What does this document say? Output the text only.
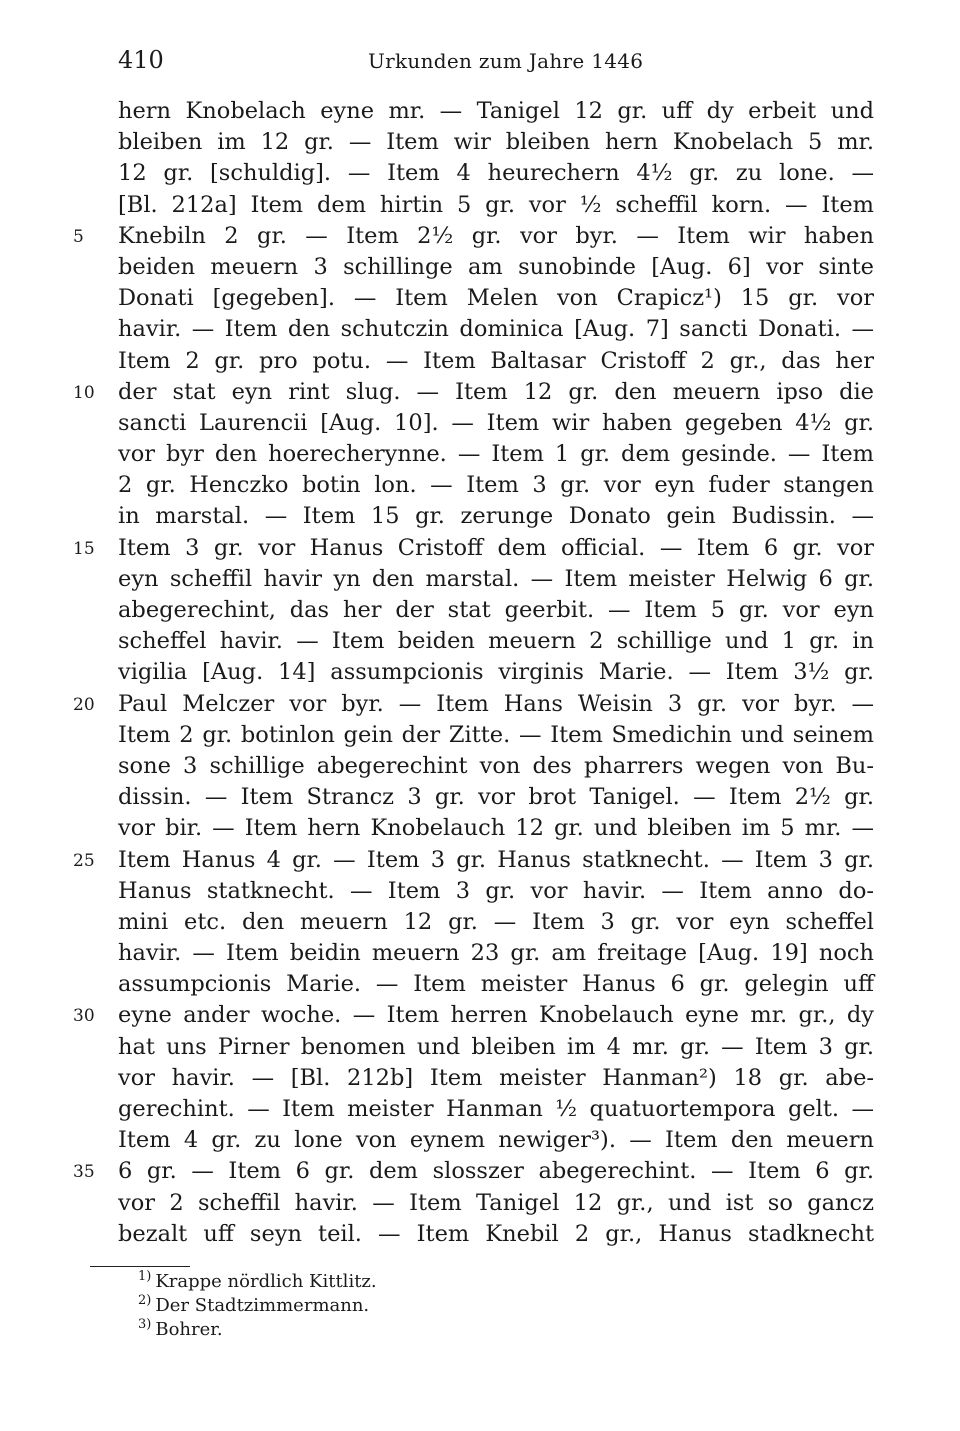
410	Urkunden zum Jahre 1446
hern Knobelach eyne mr. — Tanigel 12 gr. uff dy erbeit und
bleiben im 12 gr. — Item wir bleiben hern Knobelach 5 mr.
12 gr. [schuldig]. — Item 4 heurechern 4½ gr. zu lone. —
[Bl. 212a] Item dem hirtin 5 gr. vor ½ scheffil korn. — Item
5	Knebiln 2 gr. — Item 2½ gr. vor byr. — Item wir haben
beiden meuern 3 schillinge am sunobinde [Aug. 6] vor sinte
Donati [gegeben]. — Item Melen von Crapicz¹) 15 gr. vor
havir. — Item den schutczin dominica [Aug. 7] sancti Donati. —
Item 2 gr. pro potu. — Item Baltasar Cristoff 2 gr., das her
10	der stat eyn rint slug. — Item 12 gr. den meuern ipso die
sancti Laurencii [Aug. 10]. — Item wir haben gegeben 4½ gr.
vor byr den hoerecherynne. — Item 1 gr. dem gesinde. — Item
2 gr. Henczko botin lon. — Item 3 gr. vor eyn fuder stangen
in marstal. — Item 15 gr. zerunge Donato gein Budissin. —
15	Item 3 gr. vor Hanus Cristoff dem official. — Item 6 gr. vor
eyn scheffil havir yn den marstal. — Item meister Helwig 6 gr.
abegerechint, das her der stat geerbit. — Item 5 gr. vor eyn
scheffel havir. — Item beiden meuern 2 schillige und 1 gr. in
vigilia [Aug. 14] assumpcionis virginis Marie. — Item 3½ gr.
20	Paul Melczer vor byr. — Item Hans Weisin 3 gr. vor byr. —
Item 2 gr. botinlon gein der Zitte. — Item Smedichin und seinem
sone 3 schillige abegerechint von des pharrers wegen von Bu-
dissin. — Item Strancz 3 gr. vor brot Tanigel. — Item 2½ gr.
vor bir. — Item hern Knobelauch 12 gr. und bleiben im 5 mr. —
25	Item Hanus 4 gr. — Item 3 gr. Hanus statknecht. — Item 3 gr.
Hanus statknecht. — Item 3 gr. vor havir. — Item anno do-
mini etc. den meuern 12 gr. — Item 3 gr. vor eyn scheffel
havir. — Item beidin meuern 23 gr. am freitage [Aug. 19] noch
assumpcionis Marie. — Item meister Hanus 6 gr. gelegin uff
30	eyne ander woche. — Item herren Knobelauch eyne mr. gr., dy
hat uns Pirner benomen und bleiben im 4 mr. gr. — Item 3 gr.
vor havir. — [Bl. 212b] Item meister Hanman²) 18 gr. abe-
gerechint. — Item meister Hanman ½ quatuortempora gelt. —
Item 4 gr. zu lone von eynem newiger³). — Item den meuern
35	6 gr. — Item 6 gr. dem slosszer abegerechint. — Item 6 gr.
vor 2 scheffil havir. — Item Tanigel 12 gr., und ist so gancz
bezalt uff seyn teil. — Item Knebil 2 gr., Hanus stadknecht
$^{1)}$ Krappe nördlich Kittlitz.
$^{2)}$ Der Stadtzimmermann.
$^{3)}$ Bohrer.
